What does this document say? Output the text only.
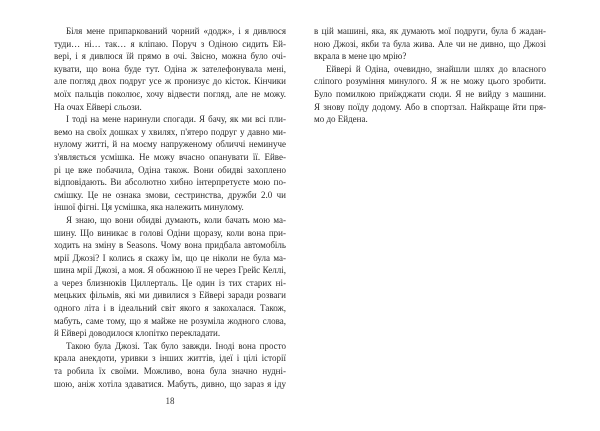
Біля мене припаркований чорний «додж», і я дивлюся
туди… ні… так… я кліпаю. Поруч з Одіною сидить Ей-
вері, і я дивлюся їй прямо в очі. Звісно, можна було очі-
кувати, що вона буде тут. Одіна ж зателефонувала мені,
але погляд двох подруг усе ж пронизує до кісток. Кінчики
моїх пальців поколює, хочу відвести погляд, але не можу.
На очах Ейвері сльози.
І тоді на мене наринули спогади. Я бачу, як ми всі пли-
вемо на своїх дошках у хвилях, п'ятеро подруг у давно ми-
нулому житті, й на моєму напруженому обличчі неминуче
з'являється усмішка. Не можу вчасно опанувати її. Ейве-
рі це вже побачила, Одіна також. Вони обидві захоплено
відповідають. Ви абсолютно хибно інтерпретуєте мою по-
смішку. Це не ознака змови, сестринства, дружби 2.0 чи
іншої фігні. Ця усмішка, яка належить минулому.
Я знаю, що вони обидві думають, коли бачать мою ма-
шину. Що виникає в голові Одіни щоразу, коли вона при-
ходить на зміну в Seasons. Чому вона придбала автомобіль
мрії Джозі? І колись я скажу їм, що це ніколи не була ма-
шина мрії Джозі, а моя. Я обожнюю її не через Грейс Келлі,
а через близнюків Циллерталь. Це один із тих старих ні-
мецьких фільмів, які ми дивилися з Ейвері заради розваги
одного літа і в ідеальний світ якого я закохалася. Також,
мабуть, саме тому, що я майже не розуміла жодного слова,
й Ейвері доводилося клопітко перекладати.
Такою була Джозі. Так було завжди. Іноді вона просто
крала анекдоти, уривки з інших життів, ідеї і цілі історії
та робила їх своїми. Можливо, вона була значно нудні-
шою, аніж хотіла здаватися. Мабуть, дивно, що зараз я іду
18
в цій машині, яка, як думають мої подруги, була б жадан-
ною Джозі, якби та була жива. Але чи не дивно, що Джозі
вкрала в мене цю мрію?
Ейвері й Одіна, очевидно, знайшли шлях до власного
сліпого розуміння минулого. Я ж не можу цього зробити.
Було помилкою приїжджати сюди. Я не вийду з машини.
Я знову поїду додому. Або в спортзал. Найкраще йти пря-
мо до Ейдена.
